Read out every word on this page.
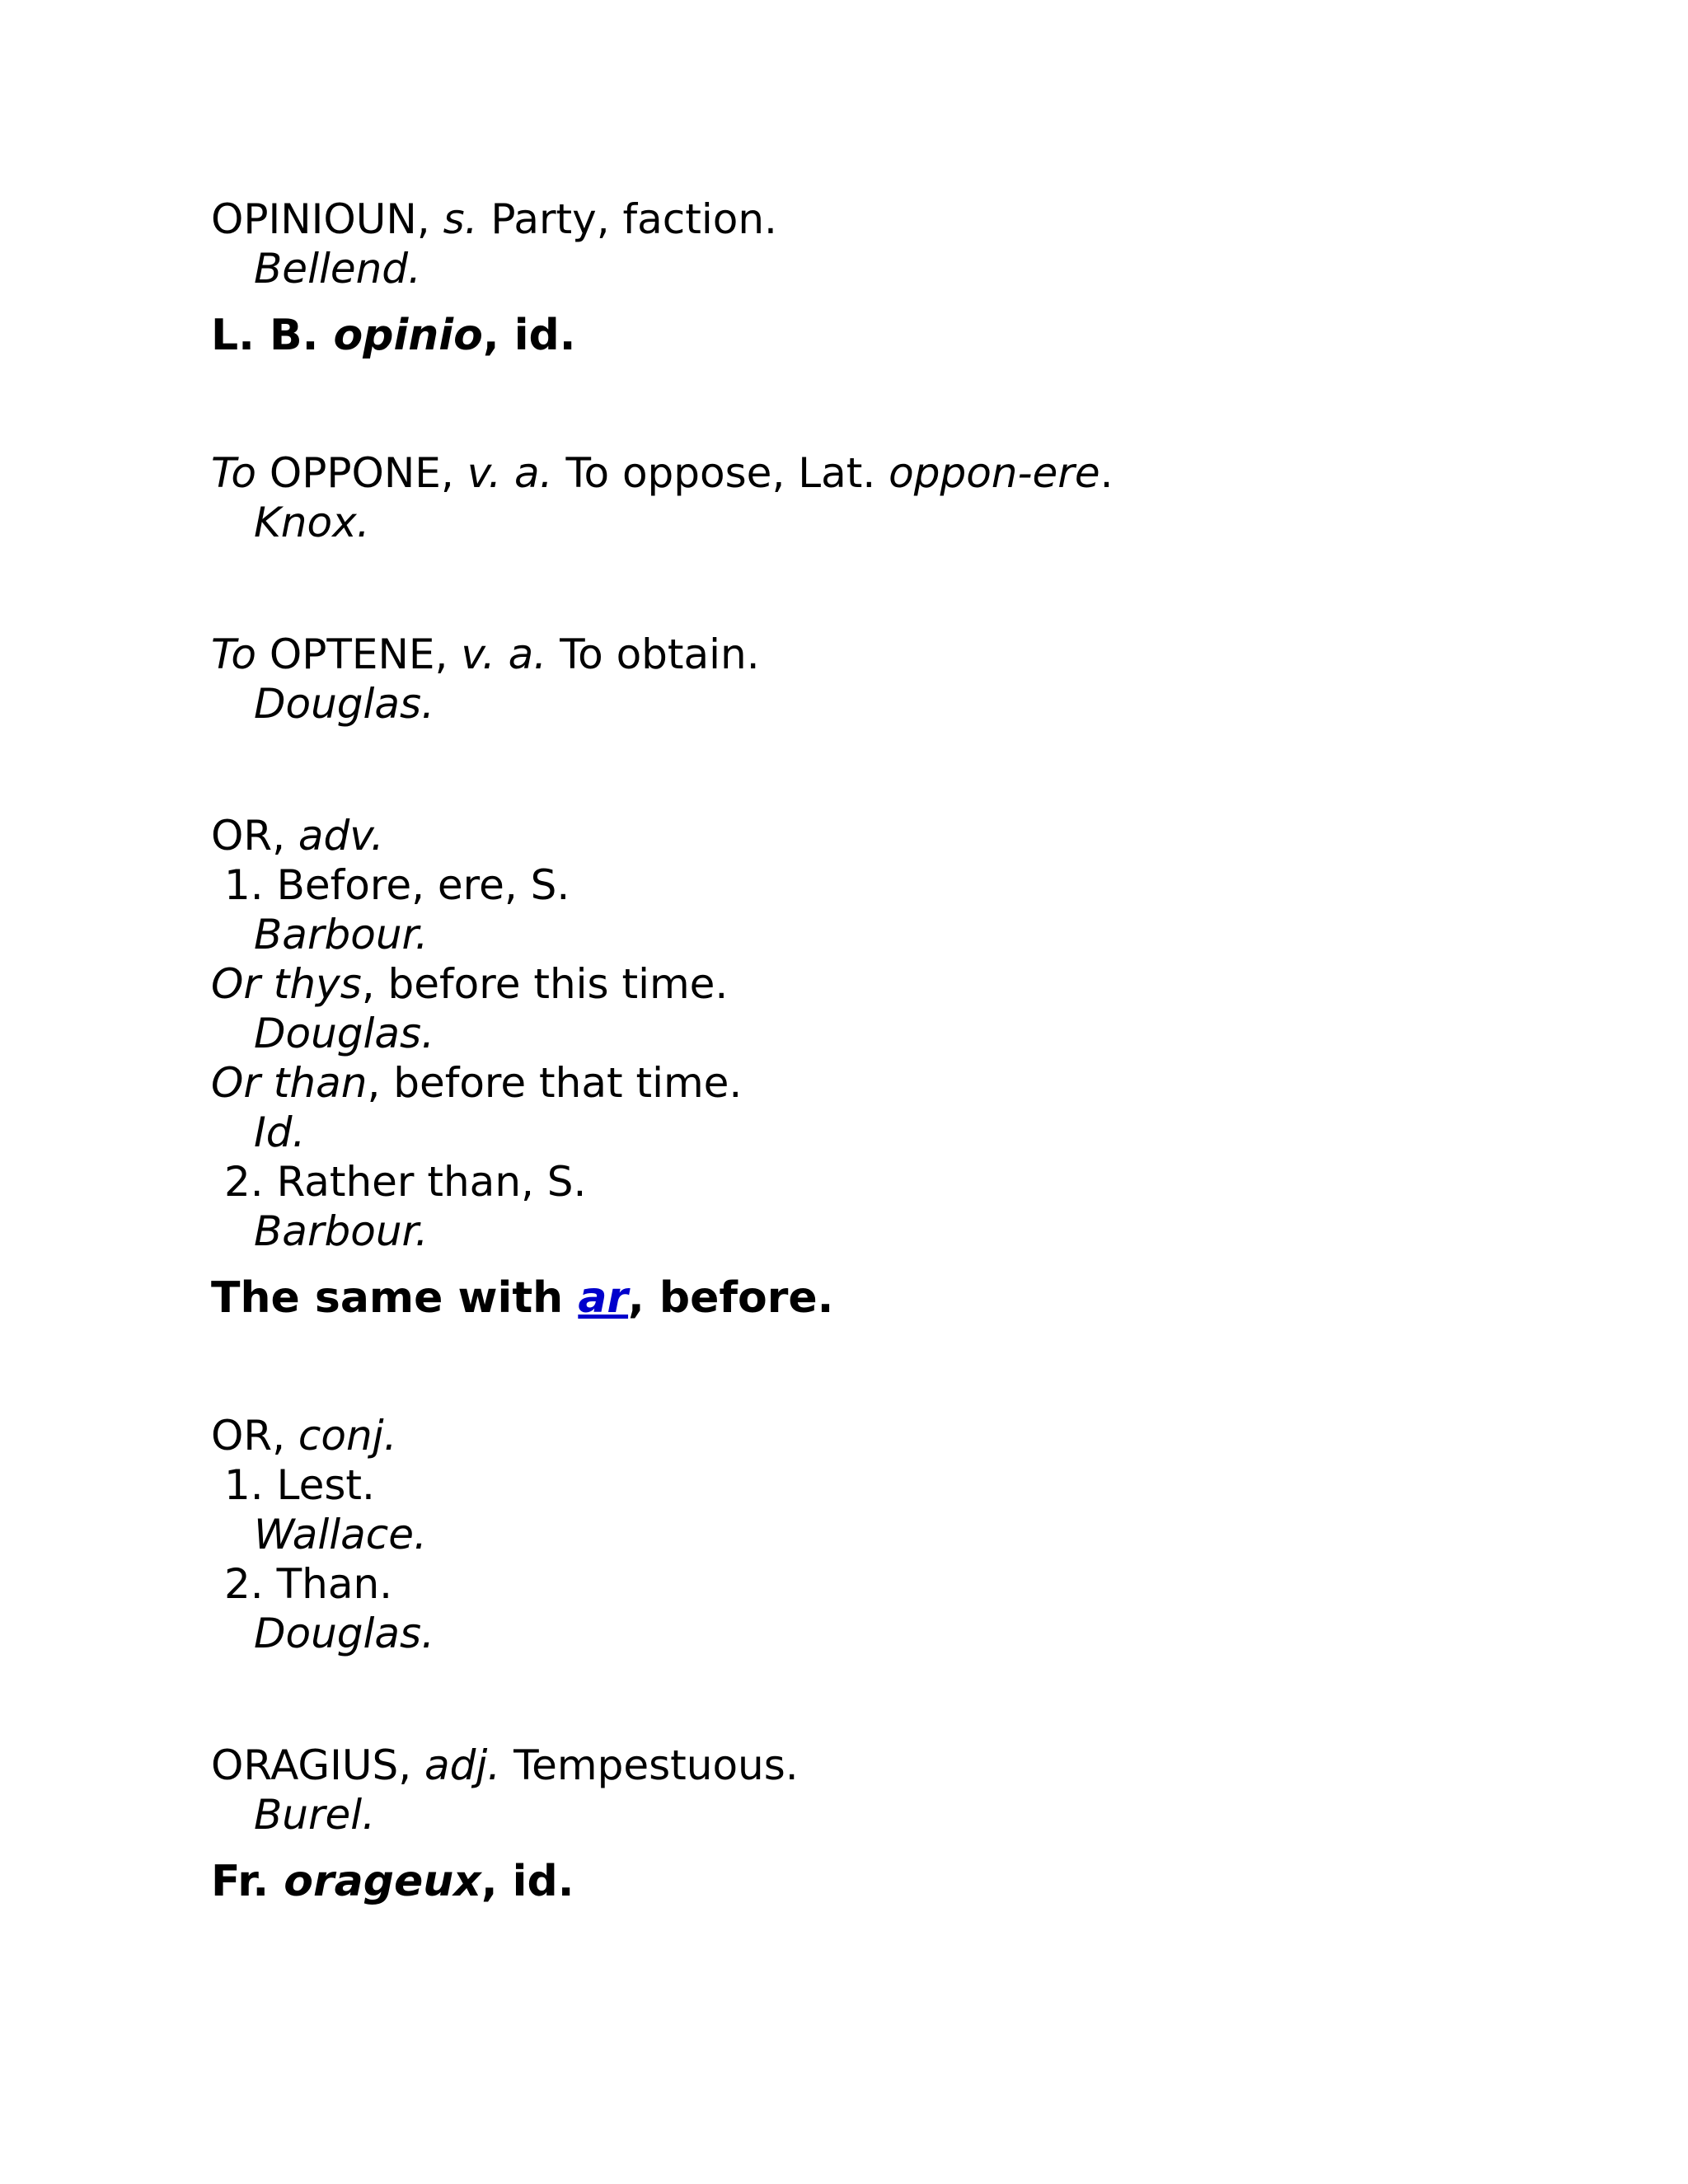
OPINIOUN, s. Party, faction.
Bellend.
L. B. opinio, id.
To OPPONE, v. a. To oppose, Lat. oppon-ere.
Knox.
To OPTENE, v. a. To obtain.
Douglas.
OR, adv.
1. Before, ere, S.
Barbour.
Or thys, before this time.
Douglas.
Or than, before that time.
Id.
2. Rather than, S.
Barbour.
The same with ar, before.
OR, conj.
1. Lest.
Wallace.
2. Than.
Douglas.
ORAGIUS, adj. Tempestuous.
Burel.
Fr. orageux, id.
